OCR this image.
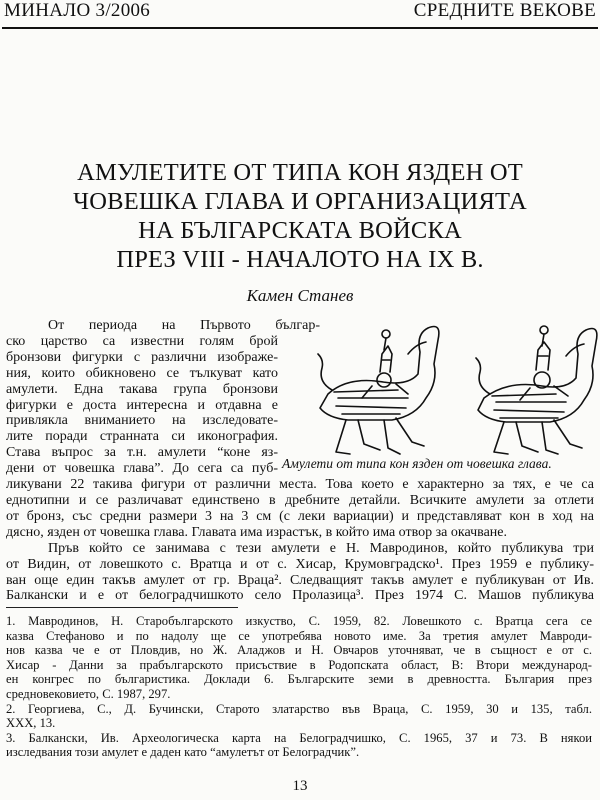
МИНАЛО 3/2006	СРЕДНИТЕ ВЕКОВЕ
АМУЛЕТИТЕ ОТ ТИПА КОН ЯЗДЕН ОТ
ЧОВЕШКА ГЛАВА И ОРГАНИЗАЦИЯТА
НА БЪЛГАРСКАТА ВОЙСКА
ПРЕЗ VIII - НАЧАЛОТО НА IX В.
Камен Станев
Амулети от типа кон язден от човешка глава.
От периода на Първото българ-
ско царство са известни голям брой
бронзови фигурки с различни изображе-
ния, които обикновено се тълкуват като
амулети. Една такава група бронзови
фигурки е доста интересна и отдавна е
привлякла вниманието на изследовате-
лите поради странната си иконография.
Става въпрос за т.н. амулети “коне яз-
дени от човешка глава”. До сега са пуб-
ликувани 22 такива фигури от различни места. Това което е характерно за тях, е че са
еднотипни и се различават единствено в дребните детайли. Всичките амулети за отлети
от бронз, със средни размери 3 на 3 см (с леки вариации) и представляват кон в ход на
дясно, язден от човешка глава. Главата има израстък, в който има отвор за окачване.
Пръв който се занимава с тези амулети е Н. Мавродинов, който публикува три
от Видин, от ловешкото с. Вратца и от с. Хисар, Крумовградско¹. През 1959 е публику-
ван още един такъв амулет от гр. Враца². Следващият такъв амулет е публикуван от Ив.
Балкански и е от белоградчишкото село Пролазица³. През 1974 С. Машов публикува
1. Мавродинов, Н. Старобългарското изкуство, С. 1959, 82. Ловешкото с. Вратца сега се
казва Стефаново и по надолу ще се употребява новото име. За третия амулет Мавроди-
нов казва че е от Пловдив, но Ж. Аладжов и Н. Овчаров уточняват, че в същност е от с.
Хисар - Данни за прабългарското присъствие в Родопската област, В: Втори международ-
ен конгрес по българистика. Доклади 6. Българските земи в древността. България през
средновековието, С. 1987, 297.
2. Георгиева, С., Д. Бучински, Старото златарство във Враца, С. 1959, 30 и 135, табл.
XXX, 13.
3. Балкански, Ив. Археологическа карта на Белоградчишко, С. 1965, 37 и 73. В някои
изследвания този амулет е даден като “амулетът от Белоградчик”.
13
